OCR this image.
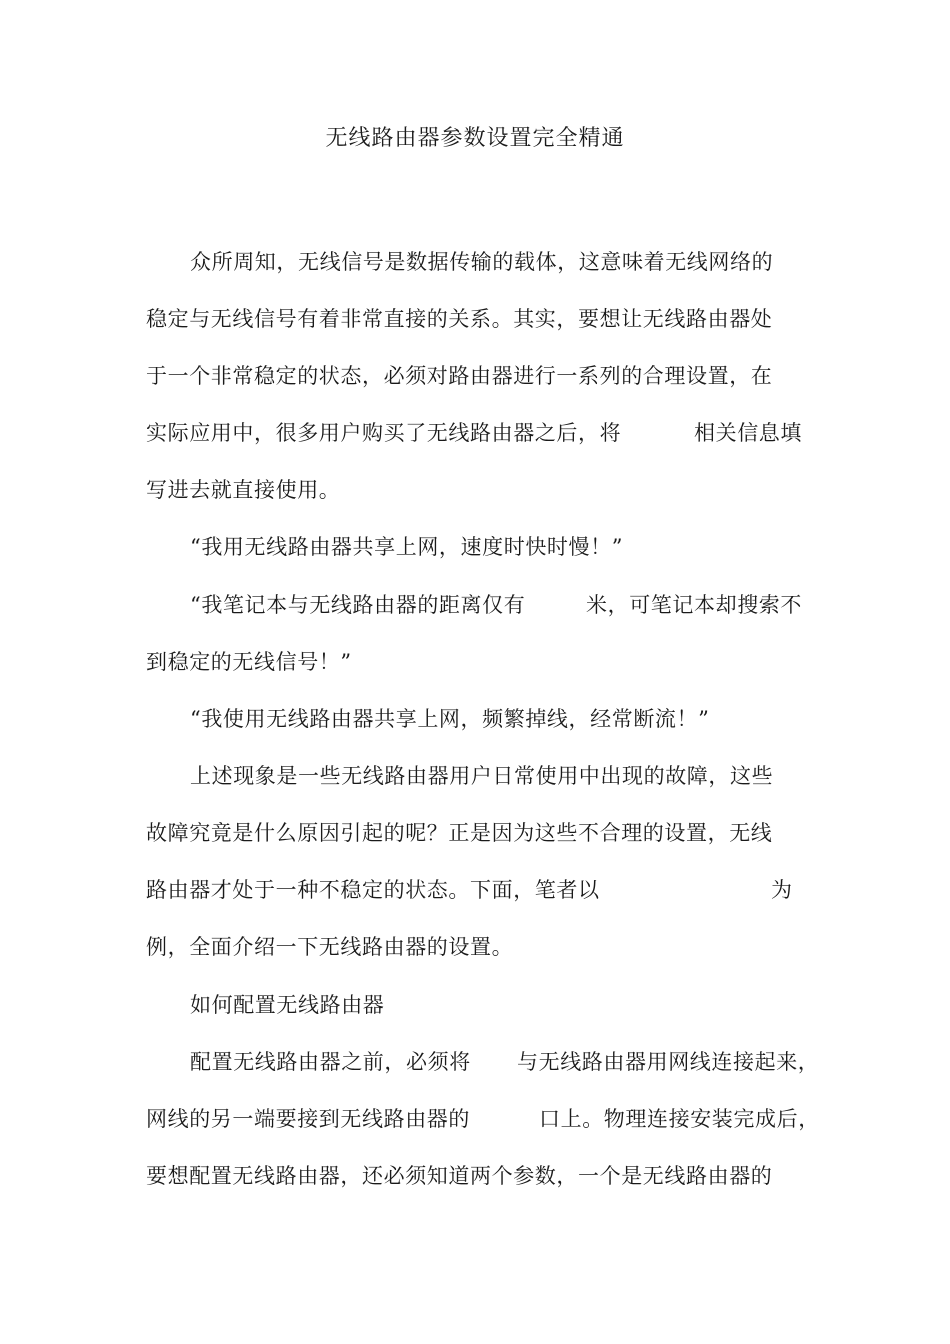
无线路由器参数设置完全精通
众所周知，无线信号是数据传输的载体，这意味着无线网络的
稳定与无线信号有着非常直接的关系。其实，要想让无线路由器处
于一个非常稳定的状态，必须对路由器进行一系列的合理设置，在
实际应用中，很多用户购买了无线路由器之后，将	相关信息填
写进去就直接使用。
“我用无线路由器共享上网，速度时快时慢！”
“我笔记本与无线路由器的距离仅有	米，可笔记本却搜索不
到稳定的无线信号！”
“我使用无线路由器共享上网，频繁掉线，经常断流！”
上述现象是一些无线路由器用户日常使用中出现的故障，这些
故障究竟是什么原因引起的呢？正是因为这些不合理的设置，无线
路由器才处于一种不稳定的状态。下面，笔者以	为
例，全面介绍一下无线路由器的设置。
如何配置无线路由器
配置无线路由器之前，必须将 与无线路由器用网线连接起来，
网线的另一端要接到无线路由器的	口上。物理连接安装完成后，
要想配置无线路由器，还必须知道两个参数，一个是无线路由器的
